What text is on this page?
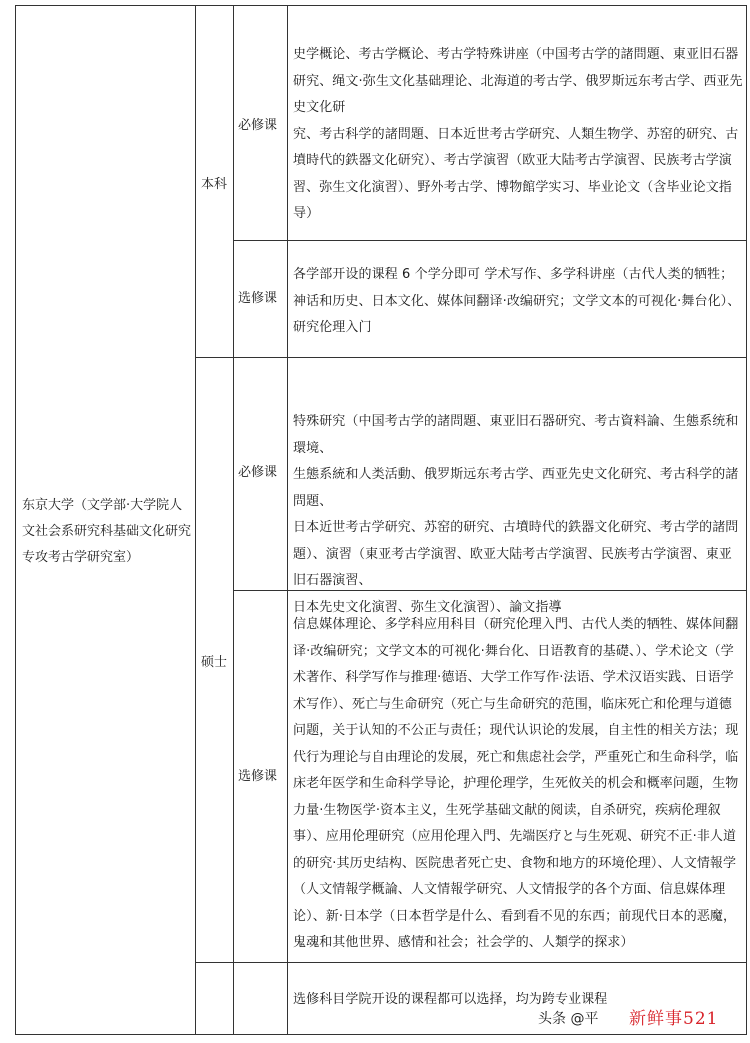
东京大学（文学部·大学院人文社会系研究科基础文化研究专攻考古学研究室）
本科
硕士
必修课
选修课
必修课
选修课

史学概论、考古学概论、考古学特殊讲座（中国考古学的諸問題、東亚旧石器研究、绳文·弥生文化基础理论、北海道的考古学、俄罗斯远东考古学、西亚先史文化研

究、考古科学的諸問題、日本近世考古学研究、人類生物学、苏窑的研究、古墳時代的鉄器文化研究）、考古学演習（欧亚大陆考古学演習、民族考古学演習、弥生文化演習）、野外考古学、博物館学实习、毕业论文（含毕业论文指导）

各学部开设的课程 6 个学分即可 学术写作、多学科讲座（古代人类的牺牲；神话和历史、日本文化、媒体间翻译·改编研究；文学文本的可视化·舞台化）、研究伦理入门

特殊研究（中国考古学的諸問題、東亚旧石器研究、考古資料論、生態系统和環境、

生態系統和人类活動、俄罗斯远东考古学、西亚先史文化研究、考古科学的諸問題、

日本近世考古学研究、苏窑的研究、古墳時代的鉄器文化研究、考古学的諸問題）、演習（東亚考古学演習、欧亚大陆考古学演習、民族考古学演習、東亚旧石器演習、

日本先史文化演習、弥生文化演習）、論文指導

信息媒体理论、多学科应用科目（研究伦理入門、古代人类的牺牲、媒体间翻译·改编研究；文学文本的可视化·舞台化、日语教育的基礎、）、学术论文（学术著作、科学写作与推理·德语、大学工作写作·法语、学术汉语实践、日语学术写作）、死亡与生命研究（死亡与生命研究的范围，临床死亡和伦理与道德问题，关于认知的不公正与责任；现代认识论的发展，自主性的相关方法；现代行为理论与自由理论的发展，死亡和焦虑社会学，严重死亡和生命科学，临床老年医学和生命科学导论，护理伦理学，生死攸关的机会和概率问题，生物力量·生物医学·资本主义，生死学基础文献的阅读，自杀研究，疾病伦理叙事）、应用伦理研究（应用伦理入門、先端医疗と与生死观、研究不正·非人道的研究·其历史结构、医院患者死亡史、食物和地方的环境伦理）、人文情報学（人文情報学概論、人文情報学研究、人文情报学的各个方面、信息媒体理论）、新·日本学（日本哲学是什么、看到看不见的东西；前现代日本的恶魔，鬼魂和其他世界、感情和社会；社会学的、人類学的探求）

选修科目学院开设的课程都可以选择，均为跨专业课程

头条 @平 新鲜事521
